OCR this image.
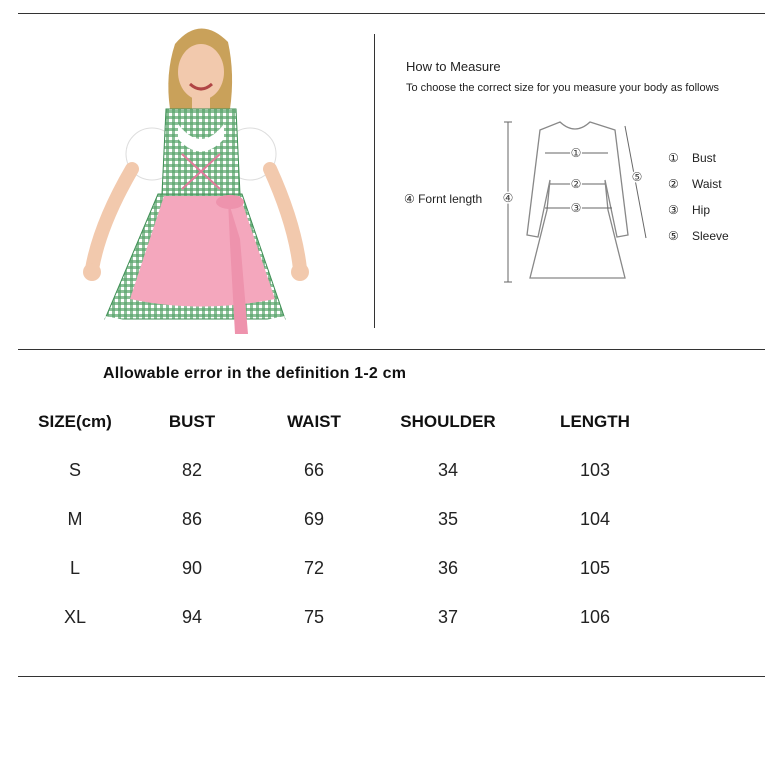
How to Measure
To choose the correct size for you measure your body as follows
④ Fornt length ④
⑤
①
②
③
①	Bust
②	Waist
③	Hip
⑤	Sleeve
Allowable error in the definition 1-2 cm
SIZE(cm)	BUST	WAIST	SHOULDER	LENGTH
S	82	66	34	103
M	86	69	35	104
L	90	72	36	105
XL	94	75	37	106
